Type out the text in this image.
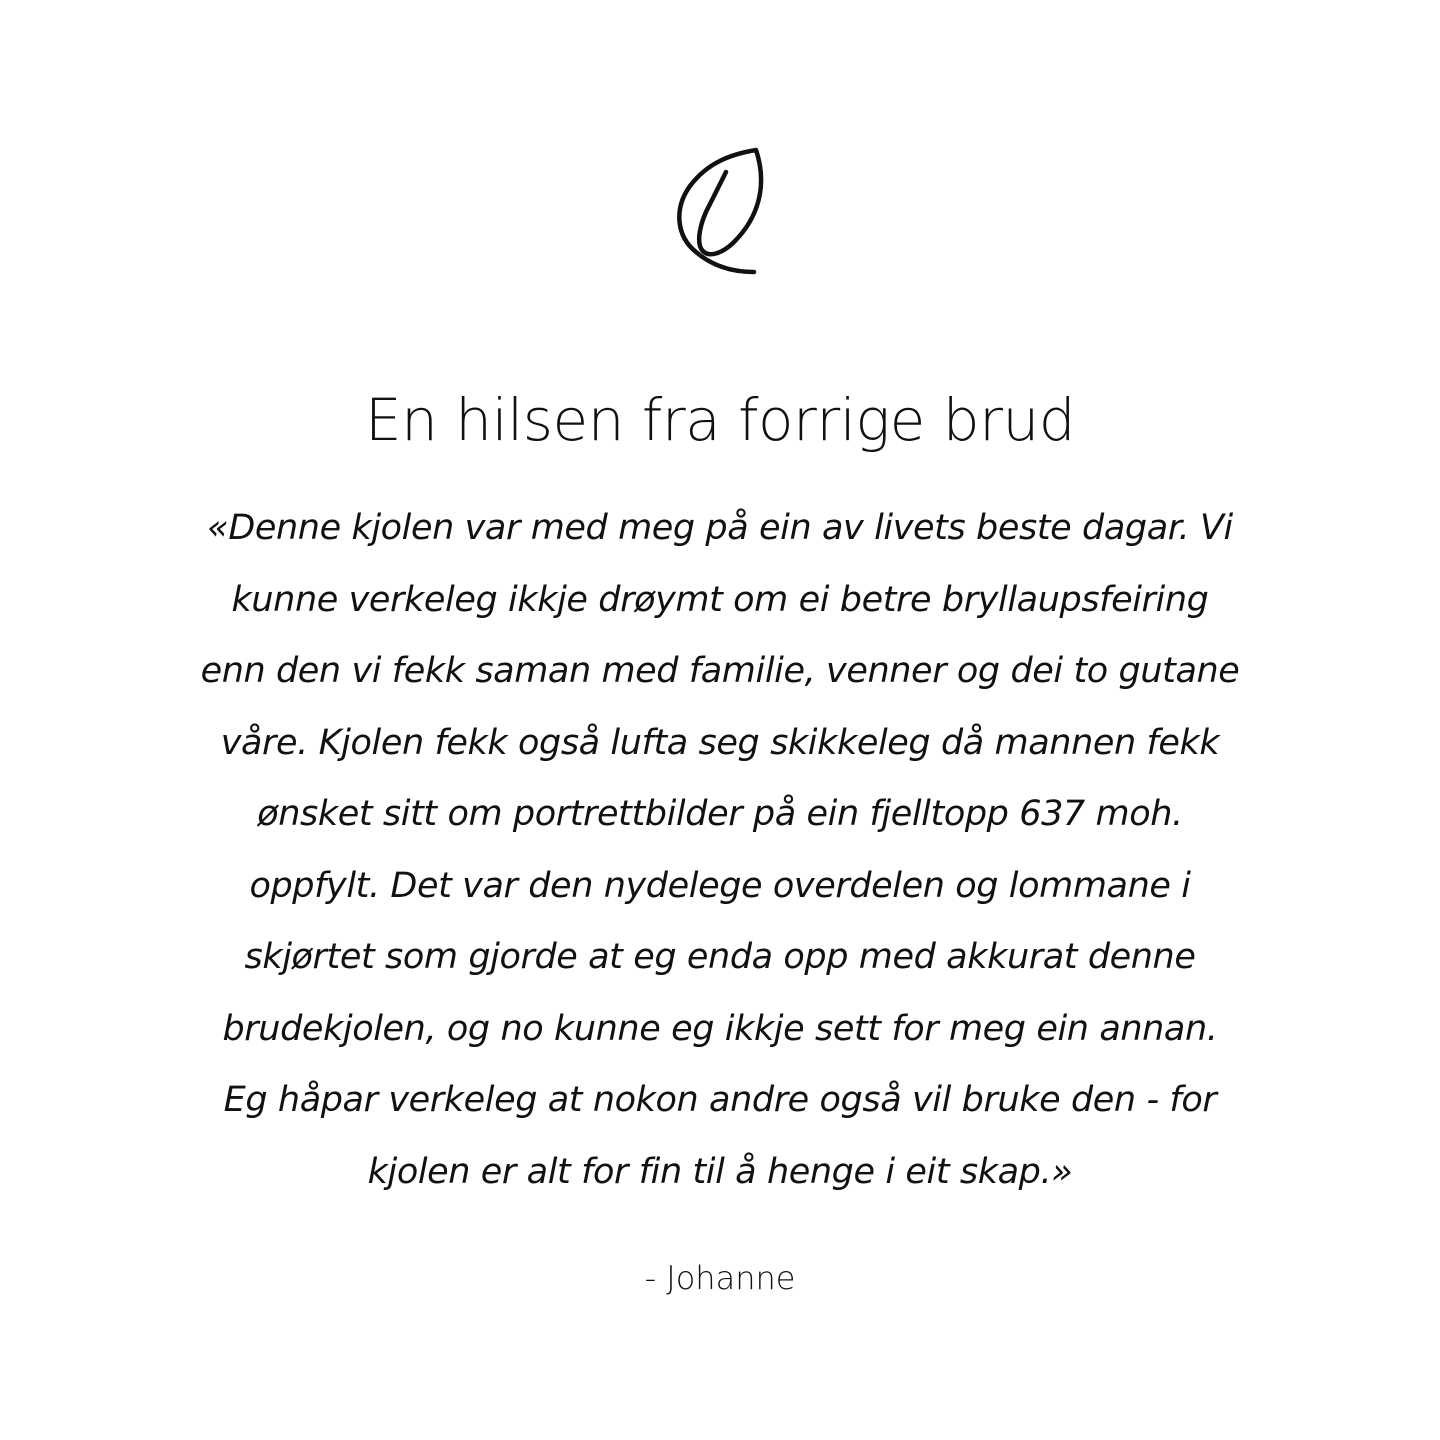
En hilsen fra forrige brud

«Denne kjolen var med meg på ein av livets beste dagar. Vi
kunne verkeleg ikkje drøymt om ei betre bryllaupsfeiring
enn den vi fekk saman med familie, venner og dei to gutane
våre. Kjolen fekk også lufta seg skikkeleg då mannen fekk
ønsket sitt om portrettbilder på ein fjelltopp 637 moh.
oppfylt. Det var den nydelege overdelen og lommane i
skjørtet som gjorde at eg enda opp med akkurat denne
brudekjolen, og no kunne eg ikkje sett for meg ein annan.
Eg håpar verkeleg at nokon andre også vil bruke den - for
kjolen er alt for fin til å henge i eit skap.»

- Johanne
